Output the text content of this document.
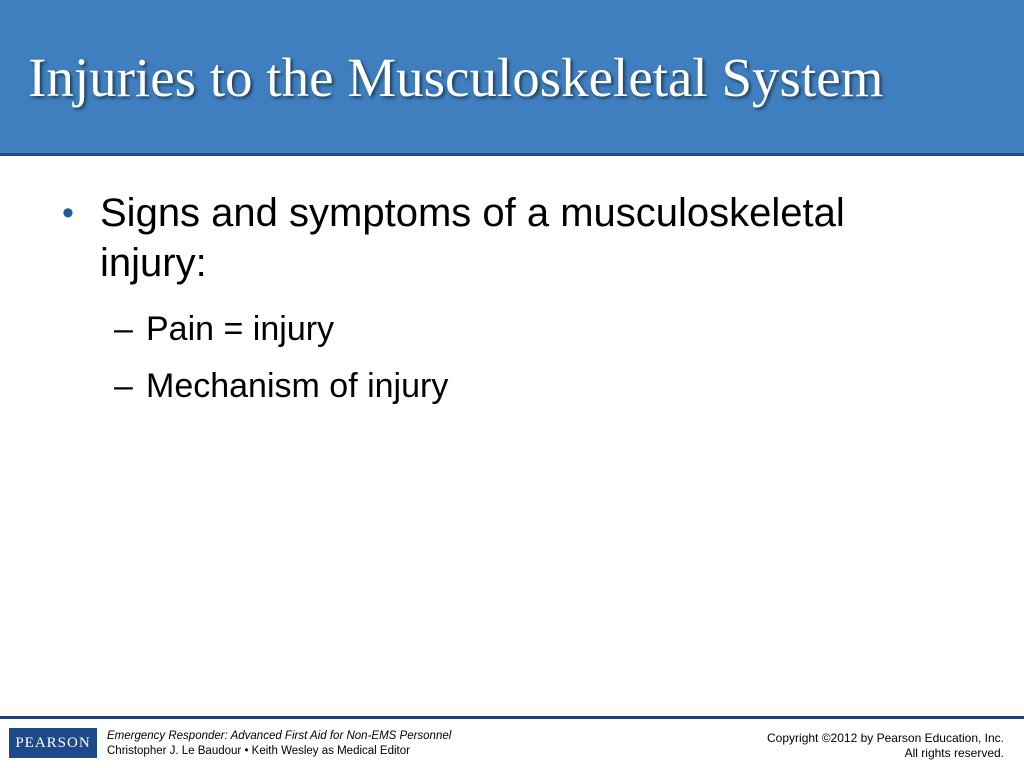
Injuries to the Musculoskeletal System
• Signs and symptoms of a musculoskeletal injury:
– Pain = injury
– Mechanism of injury
PEARSON	Emergency Responder: Advanced First Aid for Non-EMS Personnel
Christopher J. Le Baudour • Keith Wesley as Medical Editor
Copyright ©2012 by Pearson Education, Inc.
All rights reserved.
